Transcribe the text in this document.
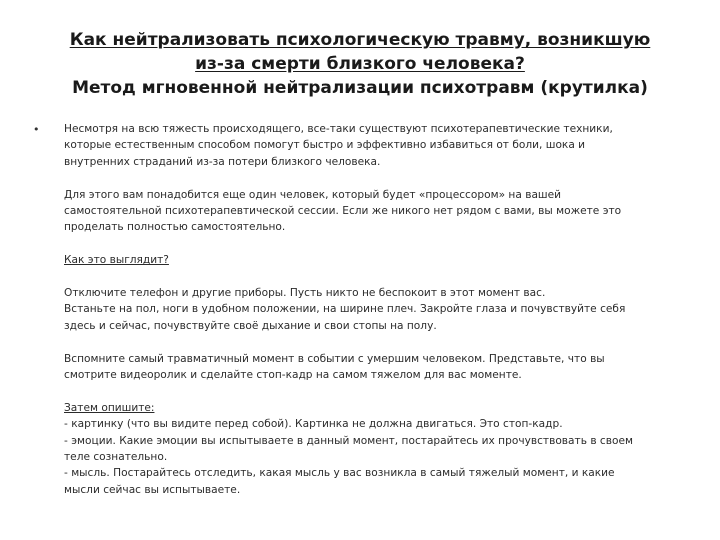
Как нейтрализовать психологическую травму, возникшую
из-за смерти близкого человека?
Метод мгновенной нейтрализации психотравм (крутилка)
• Несмотря на всю тяжесть происходящего, все-таки существуют психотерапевтические техники,
которые естественным способом помогут быстро и эффективно избавиться от боли, шока и
внутренних страданий из-за потери близкого человека.

Для этого вам понадобится еще один человек, который будет «процессором» на вашей
самостоятельной психотерапевтической сессии. Если же никого нет рядом с вами, вы можете это
проделать полностью самостоятельно.

Как это выглядит?

Отключите телефон и другие приборы. Пусть никто не беспокоит в этот момент вас.
Встаньте на пол, ноги в удобном положении, на ширине плеч. Закройте глаза и почувствуйте себя
здесь и сейчас, почувствуйте своё дыхание и свои стопы на полу.

Вспомните самый травматичный момент в событии с умершим человеком. Представьте, что вы
смотрите видеоролик и сделайте стоп-кадр на самом тяжелом для вас моменте.

Затем опишите:
- картинку (что вы видите перед собой). Картинка не должна двигаться. Это стоп-кадр.
- эмоции. Какие эмоции вы испытываете в данный момент, постарайтесь их прочувствовать в своем
теле сознательно.
- мысль. Постарайтесь отследить, какая мысль у вас возникла в самый тяжелый момент, и какие
мысли сейчас вы испытываете.
